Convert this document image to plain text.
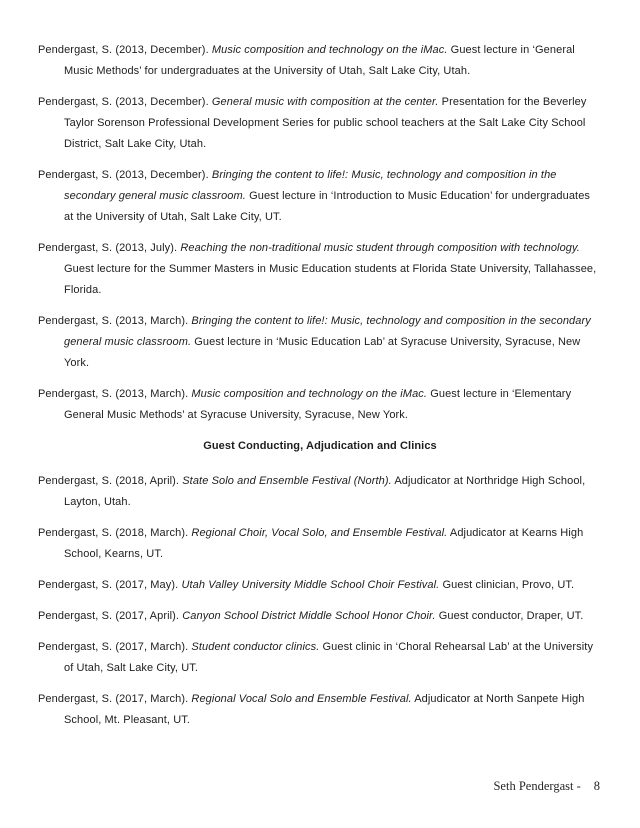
Pendergast, S. (2013, December). Music composition and technology on the iMac. Guest lecture in ‘General Music Methods’ for undergraduates at the University of Utah, Salt Lake City, Utah.

Pendergast, S. (2013, December). General music with composition at the center. Presentation for the Beverley Taylor Sorenson Professional Development Series for public school teachers at the Salt Lake City School District, Salt Lake City, Utah.

Pendergast, S. (2013, December). Bringing the content to life!: Music, technology and composition in the secondary general music classroom. Guest lecture in ‘Introduction to Music Education’ for undergraduates at the University of Utah, Salt Lake City, UT.

Pendergast, S. (2013, July). Reaching the non-traditional music student through composition with technology. Guest lecture for the Summer Masters in Music Education students at Florida State University, Tallahassee, Florida.

Pendergast, S. (2013, March). Bringing the content to life!: Music, technology and composition in the secondary general music classroom. Guest lecture in ‘Music Education Lab’ at Syracuse University, Syracuse, New York.

Pendergast, S. (2013, March). Music composition and technology on the iMac. Guest lecture in ‘Elementary General Music Methods’ at Syracuse University, Syracuse, New York.

Guest Conducting, Adjudication and Clinics

Pendergast, S. (2018, April). State Solo and Ensemble Festival (North). Adjudicator at Northridge High School, Layton, Utah.

Pendergast, S. (2018, March). Regional Choir, Vocal Solo, and Ensemble Festival. Adjudicator at Kearns High School, Kearns, UT.

Pendergast, S. (2017, May). Utah Valley University Middle School Choir Festival. Guest clinician, Provo, UT.

Pendergast, S. (2017, April). Canyon School District Middle School Honor Choir. Guest conductor, Draper, UT.

Pendergast, S. (2017, March). Student conductor clinics. Guest clinic in ‘Choral Rehearsal Lab’ at the University of Utah, Salt Lake City, UT.

Pendergast, S. (2017, March). Regional Vocal Solo and Ensemble Festival. Adjudicator at North Sanpete High School, Mt. Pleasant, UT.

Seth Pendergast - 8
